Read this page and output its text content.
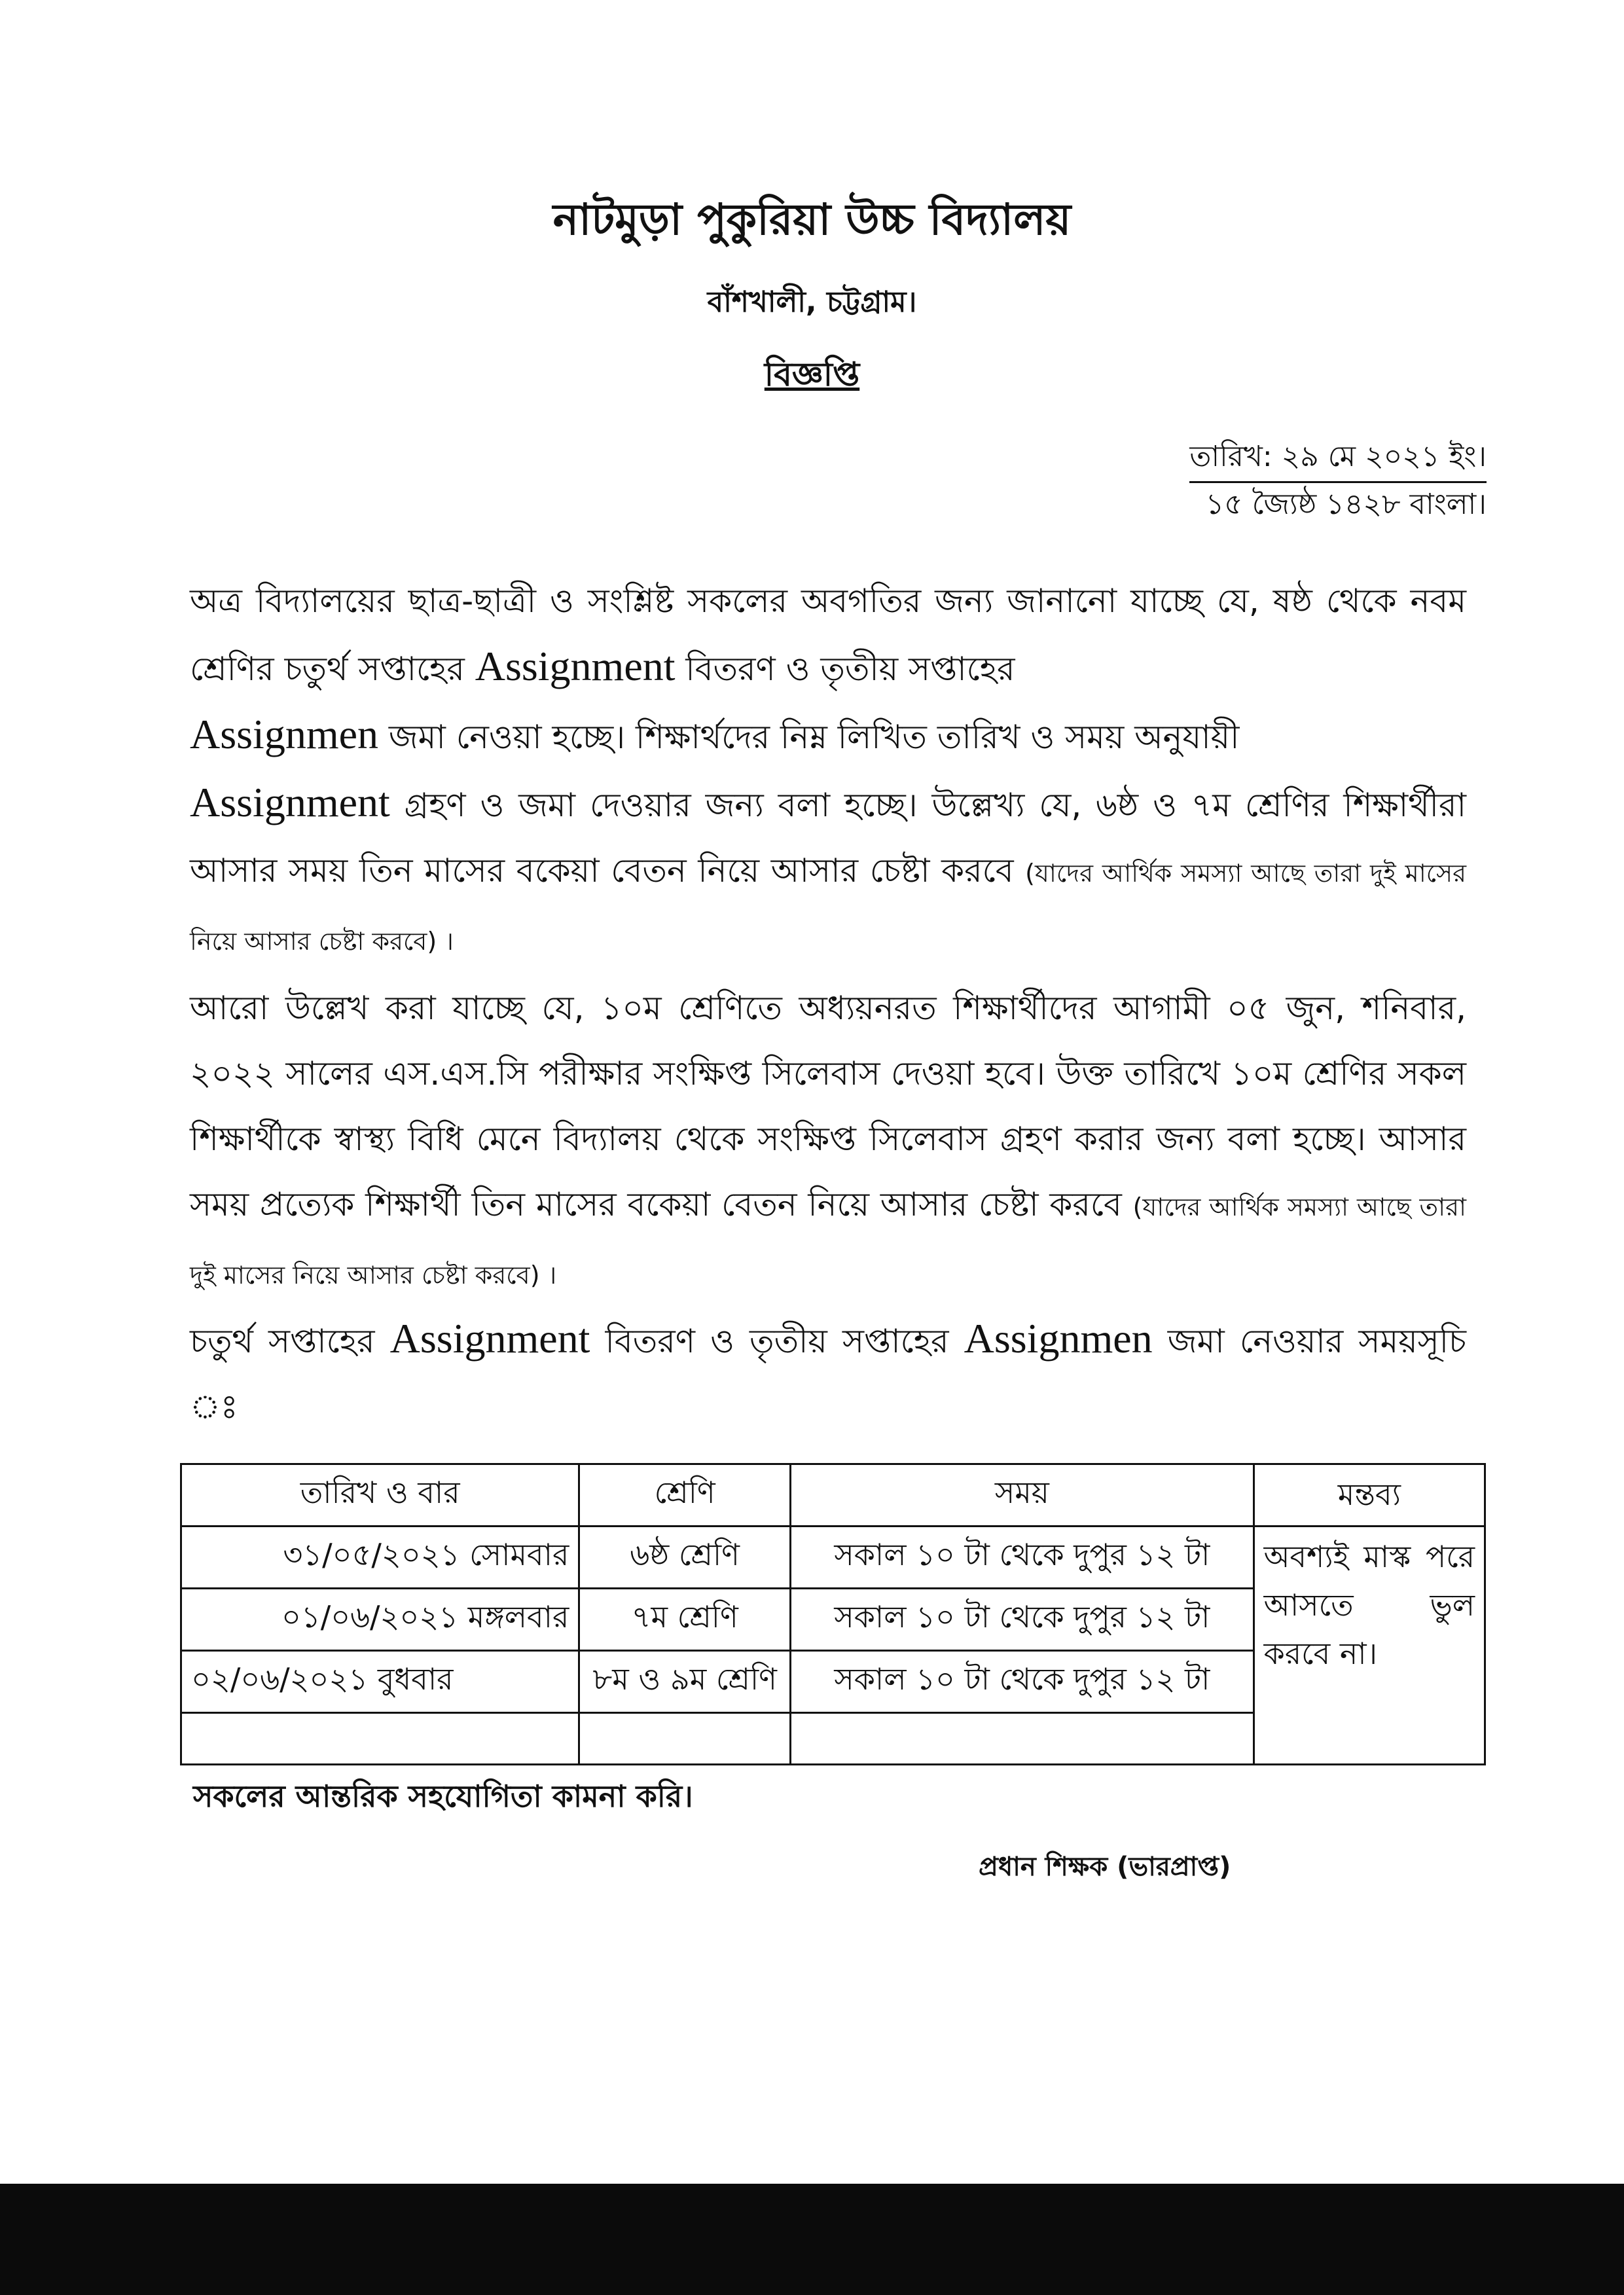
নাটমুড়া পুকুরিয়া উচ্চ বিদ্যালয়
বাঁশখালী, চট্টগ্রাম।
বিজ্ঞপ্তি
তারিখ: ২৯ মে ২০২১ ইং।
১৫ জ্যৈষ্ঠ ১৪২৮ বাংলা।
অত্র বিদ্যালয়ের ছাত্র-ছাত্রী ও সংশ্লিষ্ট সকলের অবগতির জন্য জানানো যাচ্ছে যে, ষষ্ঠ থেকে নবম শ্রেণির চতুর্থ সপ্তাহের Assignment বিতরণ ও তৃতীয় সপ্তাহের
Assignmen জমা নেওয়া হচ্ছে। শিক্ষার্থদের নিম্ন লিখিত তারিখ ও সময় অনুযায়ী
Assignment গ্রহণ ও জমা দেওয়ার জন্য বলা হচ্ছে। উল্লেখ্য যে, ৬ষ্ঠ ও ৭ম শ্রেণির শিক্ষার্থীরা আসার সময় তিন মাসের বকেয়া বেতন নিয়ে আসার চেষ্টা করবে (যাদের আর্থিক সমস্যা আছে তারা দুই মাসের নিয়ে আসার চেষ্টা করবে) ।
আরো উল্লেখ করা যাচ্ছে যে, ১০ম শ্রেণিতে অধ্যয়নরত শিক্ষার্থীদের আগামী ০৫ জুন, শনিবার, ২০২২ সালের এস.এস.সি পরীক্ষার সংক্ষিপ্ত সিলেবাস দেওয়া হবে। উক্ত তারিখে ১০ম শ্রেণির সকল শিক্ষার্থীকে স্বাস্থ্য বিধি মেনে বিদ্যালয় থেকে সংক্ষিপ্ত সিলেবাস গ্রহণ করার জন্য বলা হচ্ছে। আসার সময় প্রত্যেক শিক্ষার্থী তিন মাসের বকেয়া বেতন নিয়ে আসার চেষ্টা করবে (যাদের আর্থিক সমস্যা আছে তারা দুই মাসের নিয়ে আসার চেষ্টা করবে) ।
চতুর্থ সপ্তাহের Assignment বিতরণ ও তৃতীয় সপ্তাহের Assignmen জমা নেওয়ার সময়সূচি ঃ
তারিখ ও বার	শ্রেণি	সময়	মন্তব্য
৩১/০৫/২০২১ সোমবার	৬ষ্ঠ শ্রেণি	সকাল ১০ টা থেকে দুপুর ১২ টা	অবশ্যই মাস্ক পরে আসতে ভুল করবে না।
০১/০৬/২০২১ মঙ্গলবার	৭ম শ্রেণি	সকাল ১০ টা থেকে দুপুর ১২ টা	
০২/০৬/২০২১ বুধবার	৮ম ও ৯ম শ্রেণি	সকাল ১০ টা থেকে দুপুর ১২ টা	

সকলের আন্তরিক সহযোগিতা কামনা করি।
প্রধান শিক্ষক (ভারপ্রাপ্ত)
